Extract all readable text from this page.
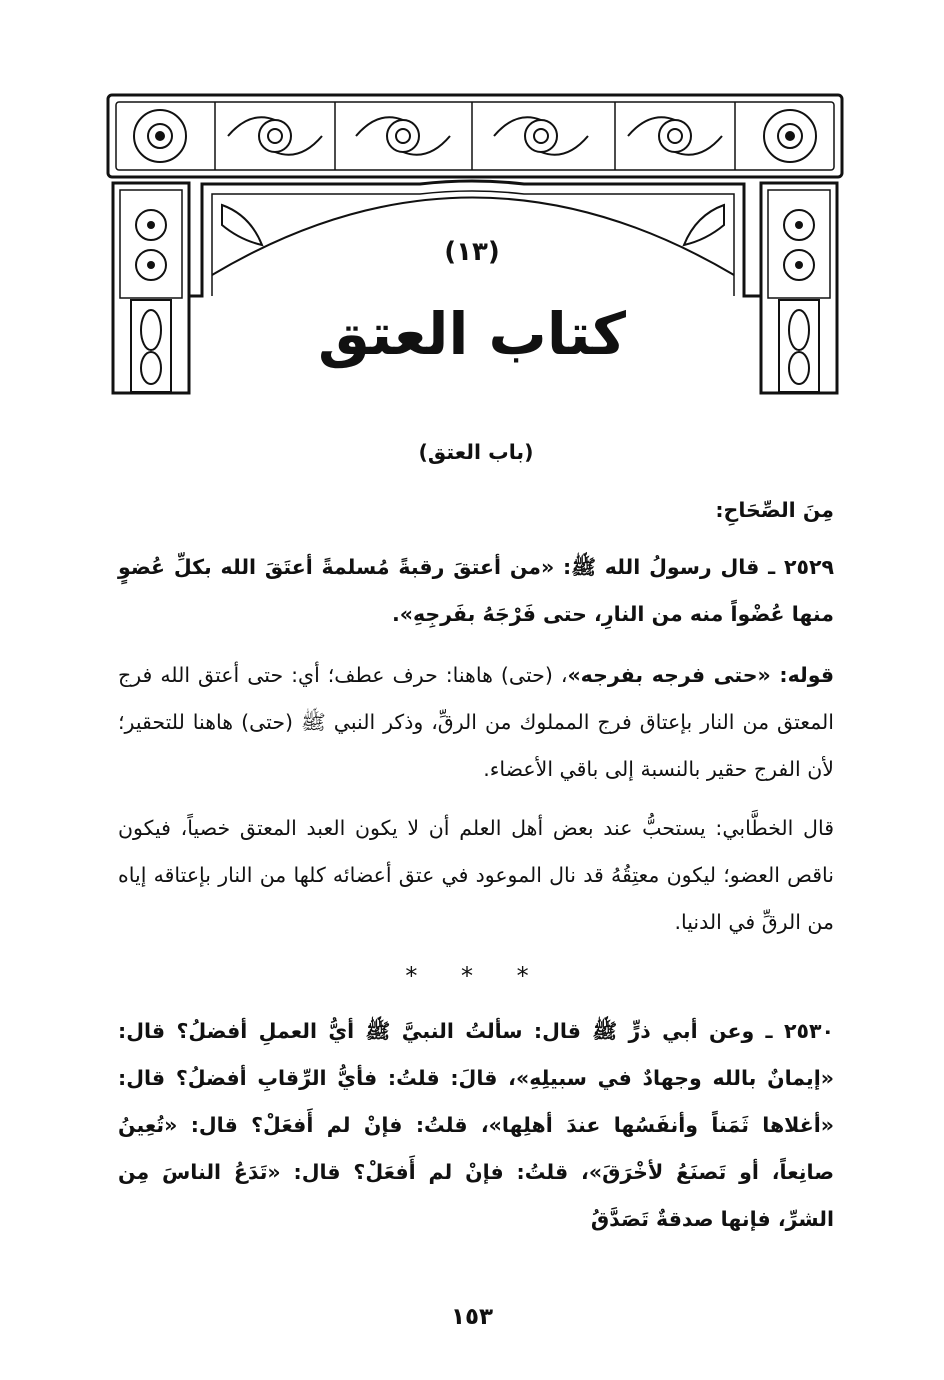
(١٣)
كتاب العتق
(باب العتق)
مِنَ الصِّحَاحِ:

٢٥٢٩ ـ قال رسولُ الله ﷺ: «من أعتقَ رقبةً مُسلمةً أعتَقَ الله بكلِّ عُضوٍ منها عُضْواً منه من النارِ، حتى فَرْجَهُ بفَرجِهِ».

قوله: «حتى فرجه بفرجه»، (حتى) هاهنا: حرف عطف؛ أي: حتى أعتق الله فرج المعتق من النار بإعتاق فرج المملوك من الرقِّ، وذكر النبي ﷺ (حتى) هاهنا للتحقير؛ لأن الفرج حقير بالنسبة إلى باقي الأعضاء.

قال الخطَّابي: يستحبُّ عند بعض أهل العلم أن لا يكون العبد المعتق خصياً، فيكون ناقص العضو؛ ليكون معتِقُهُ قد نال الموعود في عتق أعضائه كلها من النار بإعتاقه إياه من الرقِّ في الدنيا.

* * *

٢٥٣٠ ـ وعن أبي ذرٍّ ﷺ قال: سألتُ النبيَّ ﷺ أيُّ العملِ أفضلُ؟ قال: «إيمانٌ بالله وجهادٌ في سبيلِهِ»، قالَ: قلتُ: فأيُّ الرِّقابِ أفضلُ؟ قال: «أغلاها ثَمَناً وأنفَسُها عندَ أهلِها»، قلتُ: فإنْ لم أَفعَلْ؟ قال: «تُعِينُ صانِعاً، أو تَصنَعُ لأخْرَقَ»، قلتُ: فإنْ لم أَفعَلْ؟ قال: «تَدَعُ الناسَ مِن الشرِّ، فإنها صدقةٌ تَصَدَّقُ

١٥٣
